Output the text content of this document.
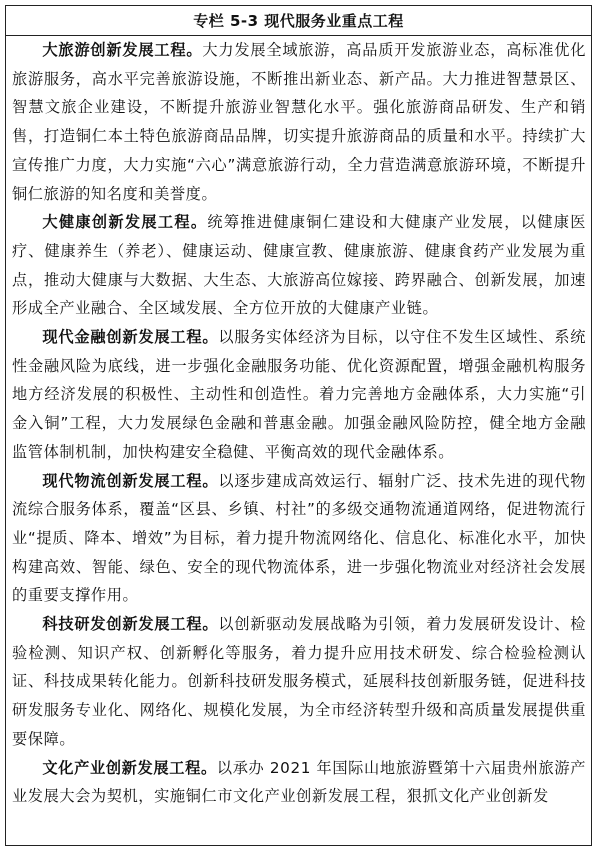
专栏 5-3 现代服务业重点工程

大旅游创新发展工程。大力发展全域旅游，高品质开发旅游业态，高标准优化旅游服务，高水平完善旅游设施，不断推出新业态、新产品。大力推进智慧景区、智慧文旅企业建设，不断提升旅游业智慧化水平。强化旅游商品研发、生产和销售，打造铜仁本土特色旅游商品品牌，切实提升旅游商品的质量和水平。持续扩大宣传推广力度，大力实施“六心”满意旅游行动，全力营造满意旅游环境，不断提升铜仁旅游的知名度和美誉度。

大健康创新发展工程。统筹推进健康铜仁建设和大健康产业发展，以健康医疗、健康养生（养老）、健康运动、健康宣教、健康旅游、健康食药产业发展为重点，推动大健康与大数据、大生态、大旅游高位嫁接、跨界融合、创新发展，加速形成全产业融合、全区域发展、全方位开放的大健康产业链。

现代金融创新发展工程。以服务实体经济为目标，以守住不发生区域性、系统性金融风险为底线，进一步强化金融服务功能、优化资源配置，增强金融机构服务地方经济发展的积极性、主动性和创造性。着力完善地方金融体系，大力实施“引金入铜”工程，大力发展绿色金融和普惠金融。加强金融风险防控，健全地方金融监管体制机制，加快构建安全稳健、平衡高效的现代金融体系。

现代物流创新发展工程。以逐步建成高效运行、辐射广泛、技术先进的现代物流综合服务体系，覆盖“区县、乡镇、村社”的多级交通物流通道网络，促进物流行业“提质、降本、增效”为目标，着力提升物流网络化、信息化、标准化水平，加快构建高效、智能、绿色、安全的现代物流体系，进一步强化物流业对经济社会发展的重要支撑作用。

科技研发创新发展工程。以创新驱动发展战略为引领，着力发展研发设计、检验检测、知识产权、创新孵化等服务，着力提升应用技术研发、综合检验检测认证、科技成果转化能力。创新科技研发服务模式，延展科技创新服务链，促进科技研发服务专业化、网络化、规模化发展，为全市经济转型升级和高质量发展提供重要保障。

文化产业创新发展工程。以承办 2021 年国际山地旅游暨第十六届贵州旅游产业发展大会为契机，实施铜仁市文化产业创新发展工程，狠抓文化产业创新发
